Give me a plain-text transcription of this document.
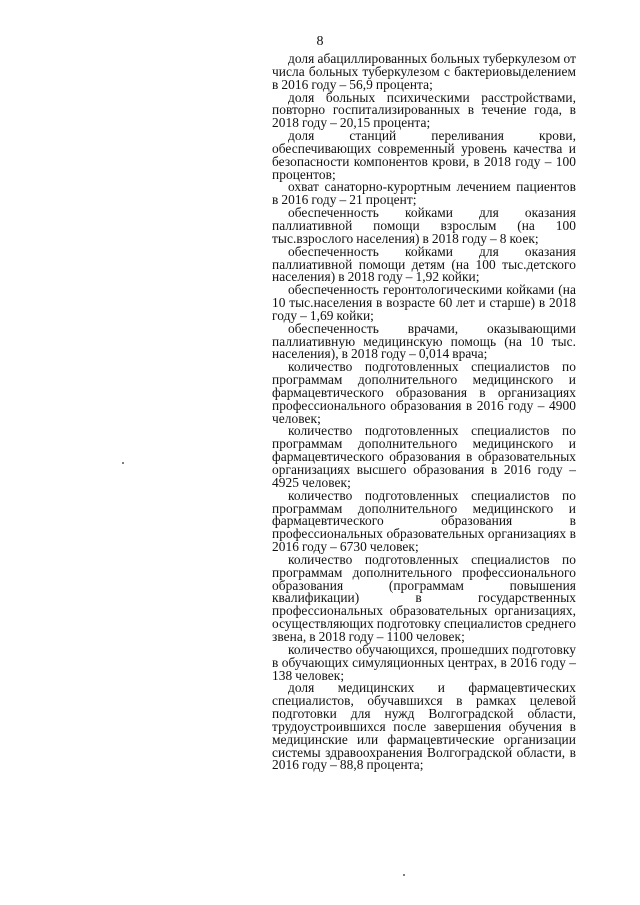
8

доля абациллированных больных туберкулезом от числа больных туберкулезом с бактериовыделением в 2016 году – 56,9 процента;

доля больных психическими расстройствами, повторно госпитализированных в течение года, в 2018 году – 20,15 процента;

доля станций переливания крови, обеспечивающих современный уровень качества и безопасности компонентов крови, в 2018 году – 100 процентов;

охват санаторно-курортным лечением пациентов в 2016 году – 21 процент;

обеспеченность койками для оказания паллиативной помощи взрослым (на 100 тыс.взрослого населения) в 2018 году – 8 коек;

обеспеченность койками для оказания паллиативной помощи детям (на 100 тыс.детского населения) в 2018 году – 1,92 койки;

обеспеченность геронтологическими койками (на 10 тыс.населения в возрасте 60 лет и старше) в 2018 году – 1,69 койки;

обеспеченность врачами, оказывающими паллиативную медицинскую помощь (на 10 тыс. населения), в 2018 году – 0,014 врача;

количество подготовленных специалистов по программам дополнительного медицинского и фармацевтического образования в организациях профессионального образования в 2016 году – 4900 человек;

количество подготовленных специалистов по программам дополнительного медицинского и фармацевтического образования в образовательных организациях высшего образования в 2016 году – 4925 человек;

количество подготовленных специалистов по программам дополнительного медицинского и фармацевтического образования в профессиональных образовательных организациях в 2016 году – 6730 человек;

количество подготовленных специалистов по программам дополнительного профессионального образования (программам повышения квалификации) в государственных профессиональных образовательных организациях, осуществляющих подготовку специалистов среднего звена, в 2018 году – 1100 человек;

количество обучающихся, прошедших подготовку в обучающих симуляционных центрах, в 2016 году – 138 человек;

доля медицинских и фармацевтических специалистов, обучавшихся в рамках целевой подготовки для нужд Волгоградской области, трудоустроившихся после завершения обучения в медицинские или фармацевтические организации системы здравоохранения Волгоградской области, в 2016 году – 88,8 процента;
